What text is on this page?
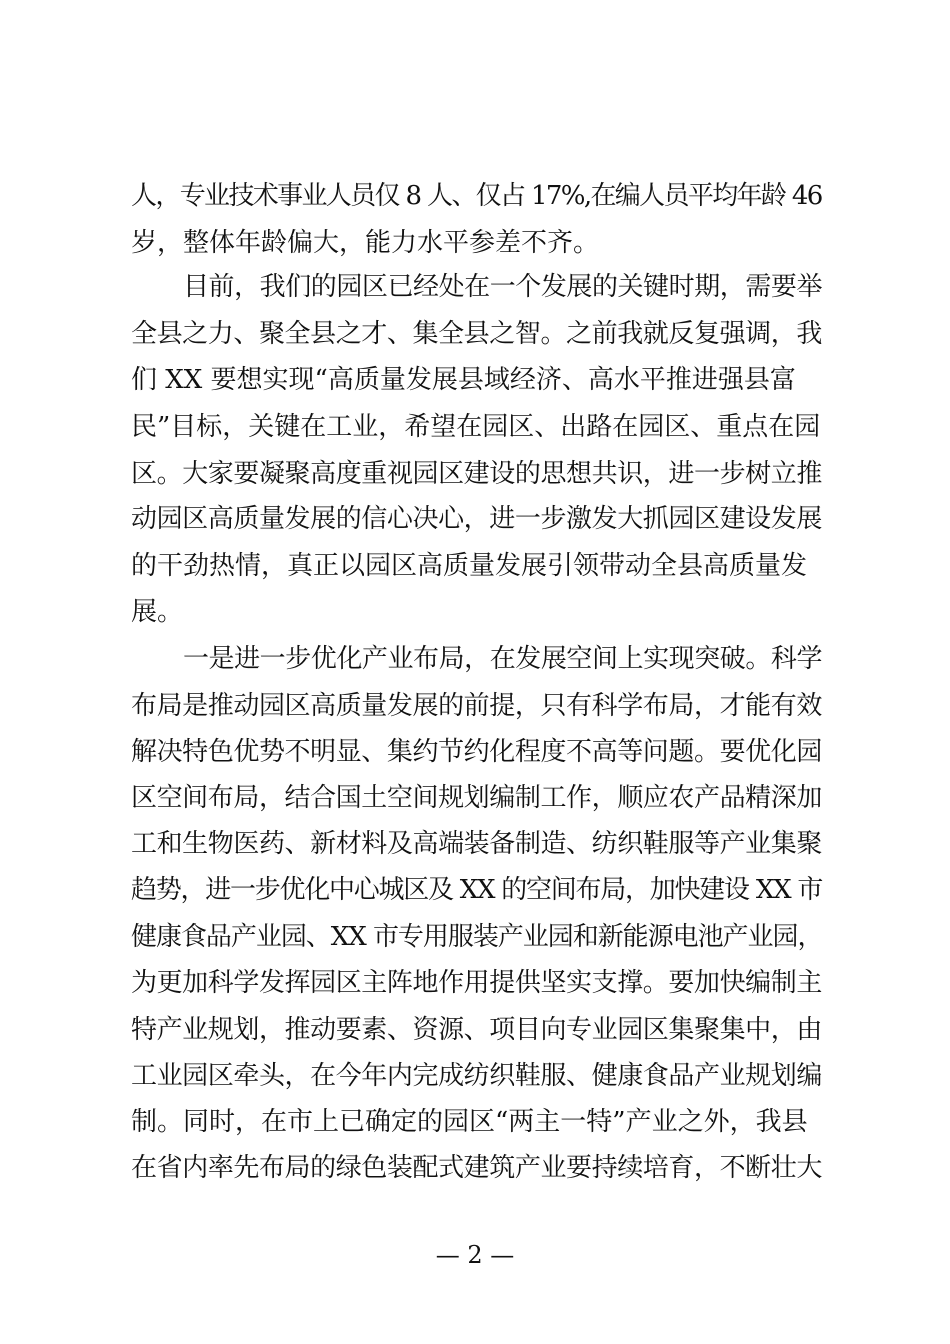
人，专业技术事业人员仅 8 人、仅占 17%,在编人员平均年龄 46
岁，整体年龄偏大，能力水平参差不齐。
目前，我们的园区已经处在一个发展的关键时期，需要举
全县之力、聚全县之才、集全县之智。之前我就反复强调，我
们 XX 要想实现“高质量发展县域经济、高水平推进强县富
民”目标，关键在工业，希望在园区、出路在园区、重点在园
区。大家要凝聚高度重视园区建设的思想共识，进一步树立推
动园区高质量发展的信心决心，进一步激发大抓园区建设发展
的干劲热情，真正以园区高质量发展引领带动全县高质量发
展。
一是进一步优化产业布局，在发展空间上实现突破。科学
布局是推动园区高质量发展的前提，只有科学布局，才能有效
解决特色优势不明显、集约节约化程度不高等问题。要优化园
区空间布局，结合国土空间规划编制工作，顺应农产品精深加
工和生物医药、新材料及高端装备制造、纺织鞋服等产业集聚
趋势，进一步优化中心城区及 XX 的空间布局，加快建设 XX 市
健康食品产业园、XX 市专用服装产业园和新能源电池产业园，
为更加科学发挥园区主阵地作用提供坚实支撑。要加快编制主
特产业规划，推动要素、资源、项目向专业园区集聚集中，由
工业园区牵头，在今年内完成纺织鞋服、健康食品产业规划编
制。同时，在市上已确定的园区“两主一特”产业之外，我县
在省内率先布局的绿色装配式建筑产业要持续培育，不断壮大
— 2 —
